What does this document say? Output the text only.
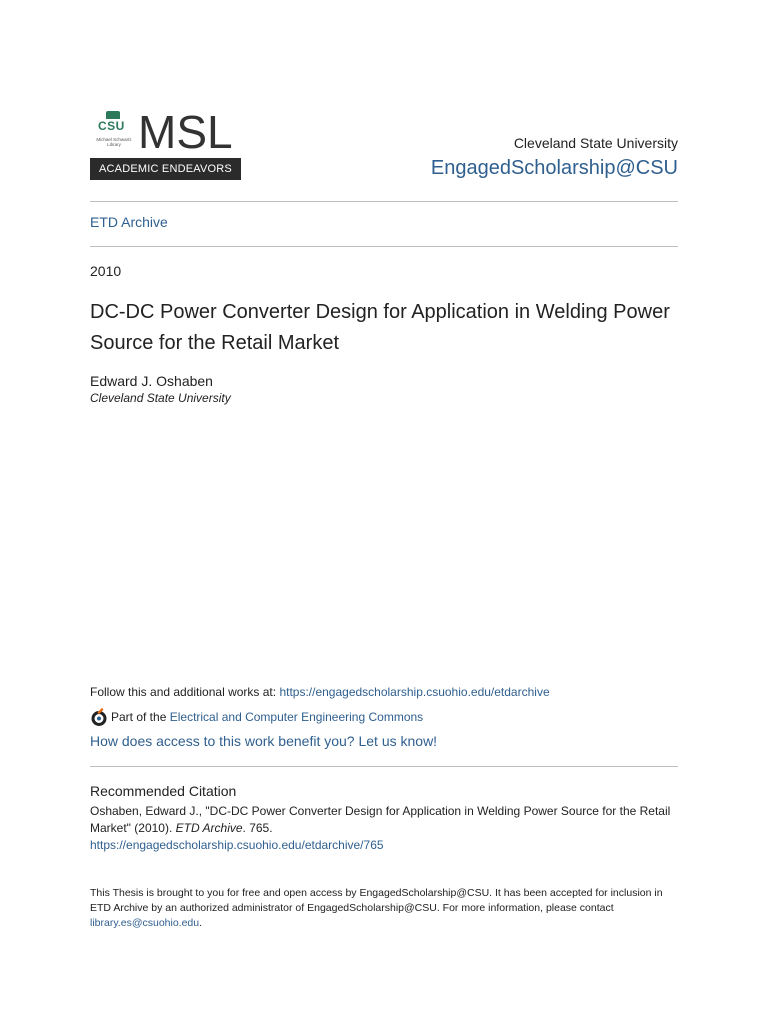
CSU
Michael Schwartz Library MSL
ACADEMIC ENDEAVORS
Cleveland State University
EngagedScholarship@CSU
ETD Archive
2010
DC-DC Power Converter Design for Application in Welding Power Source for the Retail Market
Edward J. Oshaben
Cleveland State University
Follow this and additional works at: https://engagedscholarship.csuohio.edu/etdarchive
Part of the
Electrical and Computer Engineering Commons
How does access to this work benefit you? Let us know!
Recommended Citation
Oshaben, Edward J., "DC-DC Power Converter Design for Application in Welding Power Source for the Retail Market" (2010). ETD Archive. 765.
https://engagedscholarship.csuohio.edu/etdarchive/765
This Thesis is brought to you for free and open access by EngagedScholarship@CSU. It has been accepted for inclusion in ETD Archive by an authorized administrator of EngagedScholarship@CSU. For more information, please contact library.es@csuohio.edu.
